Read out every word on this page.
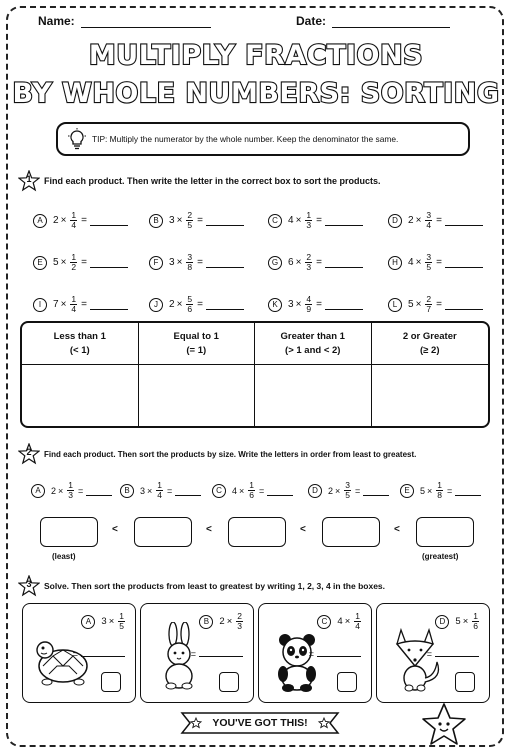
Name:	Date:
MULTIPLY FRACTIONS
BY WHOLE NUMBERS: SORTING
TIP: Multiply the numerator by the whole number. Keep the denominator the same.
1	Find each product. Then write the letter in the correct box to sort the products.
A	$2 \times \frac{1}{4}$ =	B	$3 \times \frac{2}{5}$ =	C	$4 \times \frac{1}{3}$ =	D	$2 \times \frac{3}{4}$ =
E	$5 \times \frac{1}{2}$ =	F	$3 \times \frac{3}{8}$ =	G $6 \times \frac{2}{3}$ =	H	$4 \times \frac{3}{5}$ =
I	$7 \times \frac{1}{4}$ =	J	$2 \times \frac{5}{6}$ =	K	$3 \times \frac{4}{9}$ =	L	$5 \times \frac{2}{7}$ =
Less than 1
(< 1)
Equal to 1
(= 1)
Greater than 1
(> 1 and < 2)
2 or Greater
(≥ 2)
2	Find each product. Then sort the products by size. Write the letters in order from least to greatest.
A	$2 \times \frac{1}{3}$ =	B	$3 \times \frac{1}{4}$ =	C	$4 \times \frac{1}{6}$ =	D	$2 \times \frac{3}{5}$ =	E	$5 \times \frac{1}{8}$ =
<	<	<	<
(least)	(greatest)
3	Solve. Then sort the products from least to greatest by writing 1, 2, 3, 4 in the boxes.
A	$3 \times \frac{1}{5}$
=
B	$2 \times \frac{2}{3}$
=
C	$4 \times \frac{1}{4}$
=
D	$5 \times \frac{1}{6}$
=
YOU'VE GOT THIS!
